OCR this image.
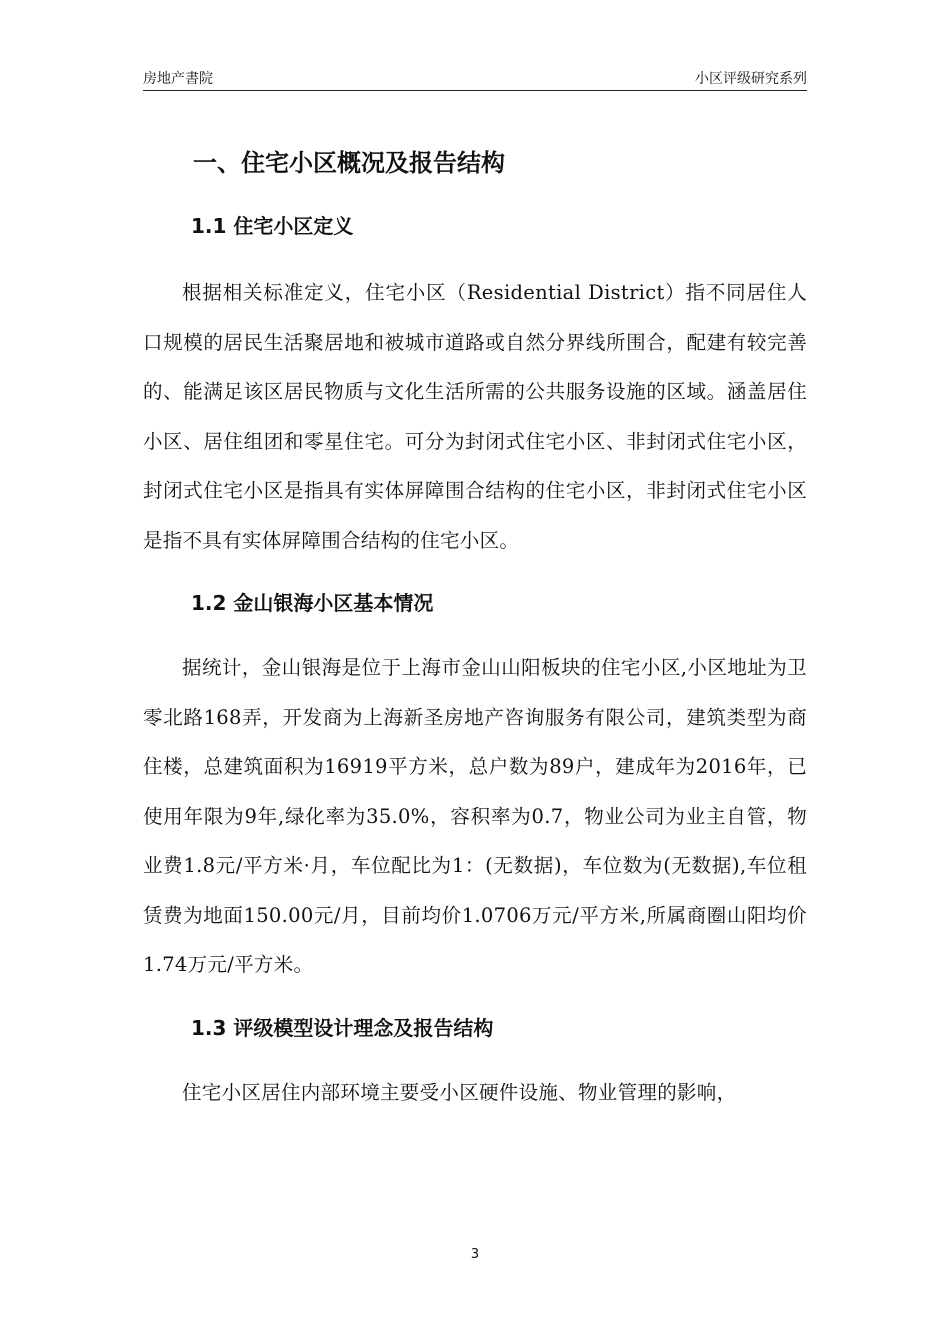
房地产書院	小区评级研究系列
一、住宅小区概况及报告结构
1.1 住宅小区定义

根据相关标准定义，住宅小区（Residential District）指不同居住人口规模的居民生活聚居地和被城市道路或自然分界线所围合，配建有较完善的、能满足该区居民物质与文化生活所需的公共服务设施的区域。涵盖居住小区、居住组团和零星住宅。可分为封闭式住宅小区、非封闭式住宅小区，封闭式住宅小区是指具有实体屏障围合结构的住宅小区，非封闭式住宅小区是指不具有实体屏障围合结构的住宅小区。

1.2 金山银海小区基本情况

据统计，金山银海是位于上海市金山山阳板块的住宅小区,小区地址为卫零北路168弄，开发商为上海新圣房地产咨询服务有限公司，建筑类型为商住楼，总建筑面积为16919平方米，总户数为89户，建成年为2016年，已使用年限为9年,绿化率为35.0%，容积率为0.7，物业公司为业主自管，物业费1.8元/平方米·月，车位配比为1：(无数据)，车位数为(无数据),车位租赁费为地面150.00元/月，目前均价1.0706万元/平方米,所属商圈山阳均价1.74万元/平方米。

1.3 评级模型设计理念及报告结构

住宅小区居住内部环境主要受小区硬件设施、物业管理的影响，

3
